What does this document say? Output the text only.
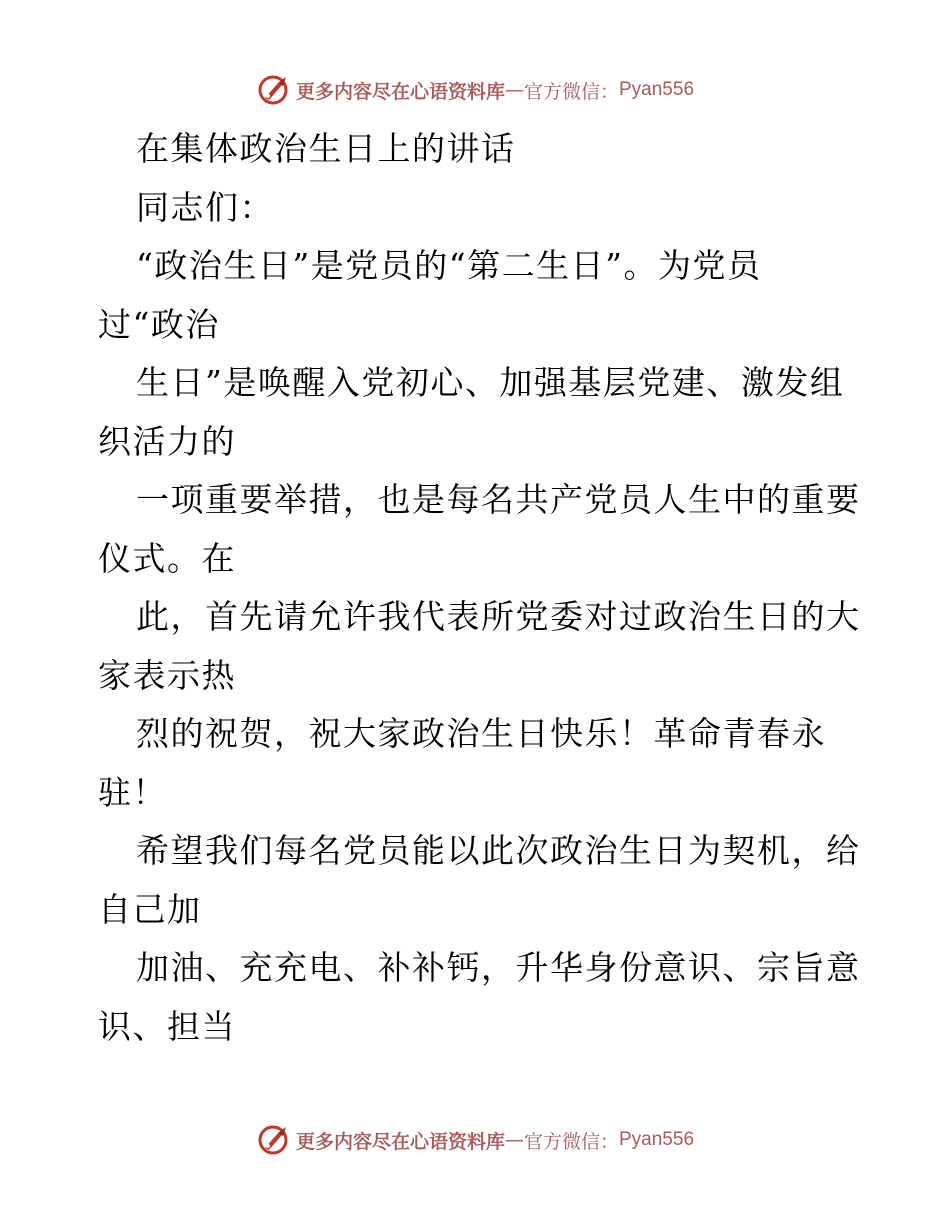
更多内容尽在心语资料库 — 官方微信： Pyan556
在集体政治生日上的讲话
同志们：
“政治生日”是党员的“第二生日”。为党员
过“政治
生日”是唤醒入党初心、加强基层党建、激发组
织活力的
一项重要举措，也是每名共产党员人生中的重要
仪式。在
此，首先请允许我代表所党委对过政治生日的大
家表示热
烈的祝贺，祝大家政治生日快乐！革命青春永
驻！
希望我们每名党员能以此次政治生日为契机，给
自己加
加油、充充电、补补钙，升华身份意识、宗旨意
识、担当
更多内容尽在心语资料库 — 官方微信： Pyan556
